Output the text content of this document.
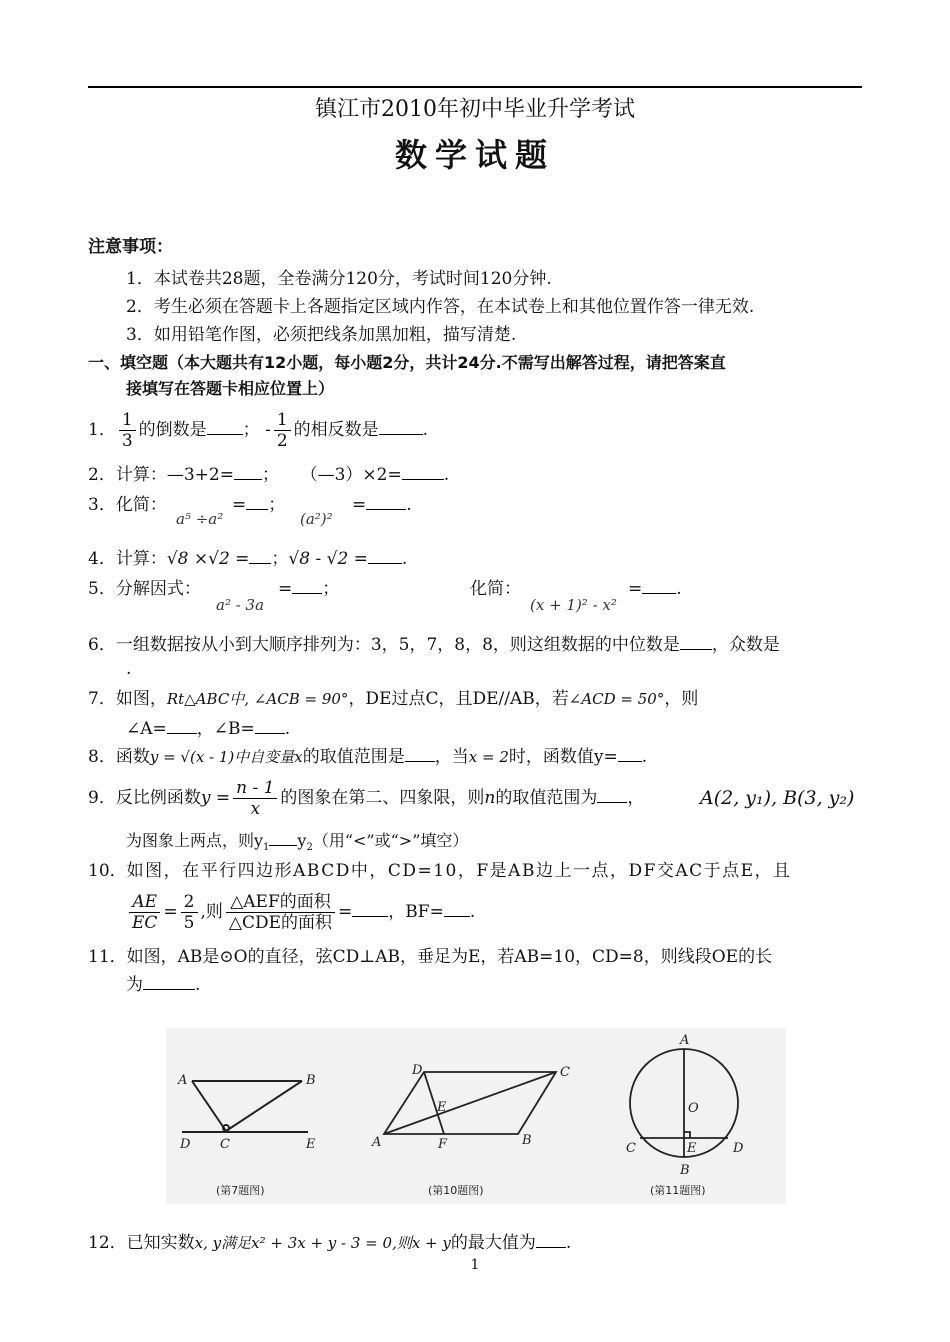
镇江市2010年初中毕业升学考试
数学试题
注意事项：
1．本试卷共28题，全卷满分120分，考试时间120分钟.
2．考生必须在答题卡上各题指定区域内作答，在本试卷上和其他位置作答一律无效.
3．如用铅笔作图，必须把线条加黑加粗，描写清楚.
一、填空题（本大题共有12小题，每小题2分，共计24分.不需写出解答过程，请把答案直
接填写在答题卡相应位置上）
1． $\frac{1}{3}$ 的倒数是 ； - $\frac{1}{2}$ 的相反数是	.
2．计算：—3+2= ； （—3）×2= .
3．化简：
a⁵ ÷a²
= ；
(a²)²
= .
4．计算：√8 ×√2 = ；√8 - √2 = .
5．分解因式：
a² - 3a
= ；	化简：
(x + 1)² - x²
= .
6．一组数据按从小到大顺序排列为：3，5，7，8，8，则这组数据的中位数是 ，众数是
.
7．如图，Rt△ABC中, ∠ACB = 90°，DE过点C，且DE//AB，若∠ACD = 50°，则
∠A= ，∠B= .
8．函数y = √(x - 1)中自变量x的取值范围是 ，当x = 2时，函数值y= .
9．反比例函数$y = \frac{n - 1}{x}$ 的图象在第二、四象限，则n的取值范围为 ，	A(2, y₁), B(3, y₂)
为图象上两点，则$y_1$ $y_2$（用“<”或“>”填空）
10．如图，在平行四边形ABCD中，CD=10，F是AB边上一点，DF交AC于点E，且
$\frac{AE}{EC} = \frac{2}{5}$ ,则 $\frac{\text{△AEF的面积}}{\text{△CDE的面积}}$ = ，BF= .
11．如图，AB是⊙O的直径，弦CD⊥AB，垂足为E，若AB=10，CD=8，则线段OE的长
为	.
A	B
C
D	E
(第7题图)
A	B
C
D
E
F
(第10题图)
A
B
C	D
E
O
(第11题图)
12．已知实数x, y满足x² + 3x + y - 3 = 0,则x + y的最大值为 .
1
